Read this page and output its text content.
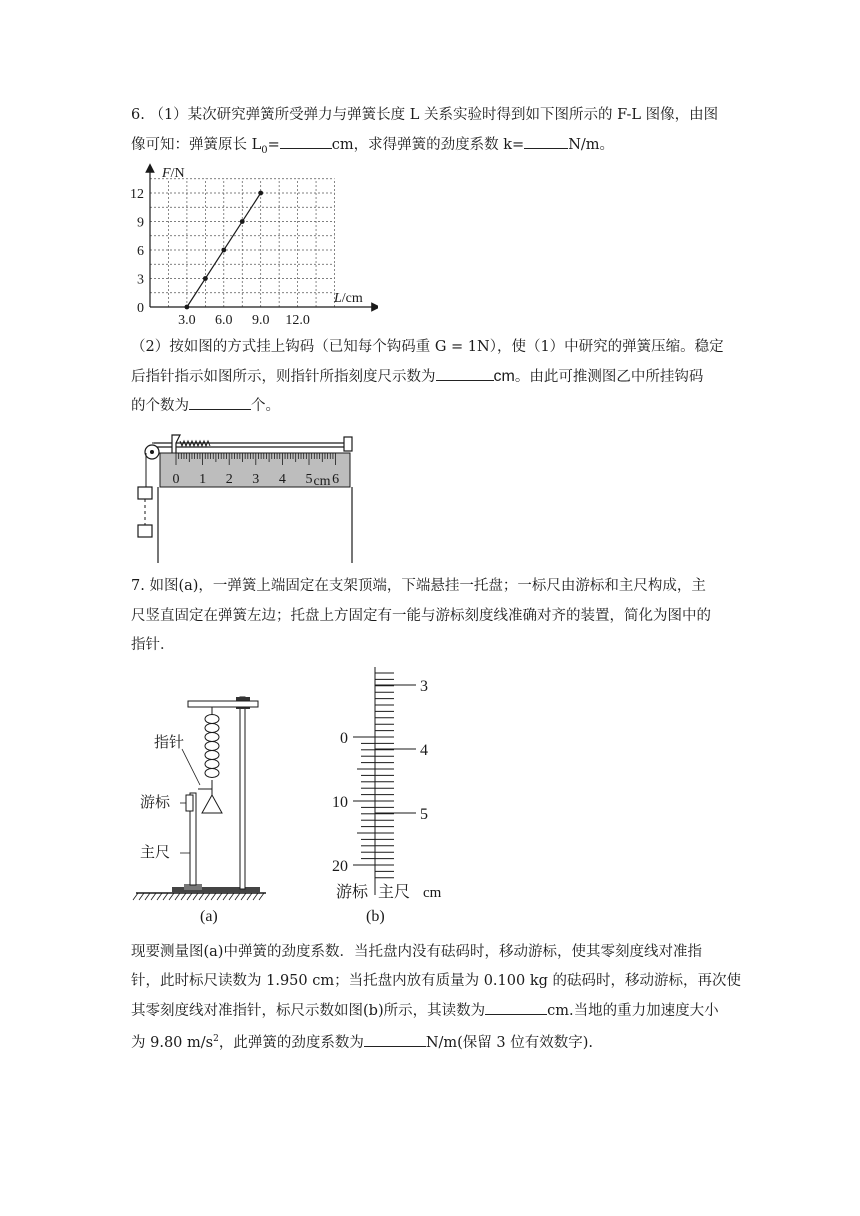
6. （1）某次研究弹簧所受弹力与弹簧长度 L 关系实验时得到如下图所示的 F-L 图像，由图
像可知：弹簧原长 $L_0=$	cm，求得弹簧的劲度系数 k=	N/m。
F/N
L/cm
3.0 6.0 9.0 12.0
0
3
6
9
12
（2）按如图的方式挂上钩码（已知每个钩码重 G = 1N），使（1）中研究的弹簧压缩。稳定
后指针指示如图所示，则指针所指刻度尺示数为	cm。由此可推测图乙中所挂钩码
的个数为	个。
0 1 2 3 4 5 6
cm
7. 如图(a)，一弹簧上端固定在支架顶端，下端悬挂一托盘；一标尺由游标和主尺构成，主
尺竖直固定在弹簧左边；托盘上方固定有一能与游标刻度线准确对齐的装置，简化为图中的
指针．
指针
游标
主尺
(a)
0
10
20
3
4
5
游标 主尺 cm
(b)
现要测量图(a)中弹簧的劲度系数．当托盘内没有砝码时，移动游标，使其零刻度线对准指
针，此时标尺读数为 1.950 cm；当托盘内放有质量为 0.100 kg 的砝码时，移动游标，再次使
其零刻度线对准指针，标尺示数如图(b)所示，其读数为	cm.当地的重力加速度大小
为 9.80 $m/s^2$，此弹簧的劲度系数为	N/m(保留 3 位有效数字).
